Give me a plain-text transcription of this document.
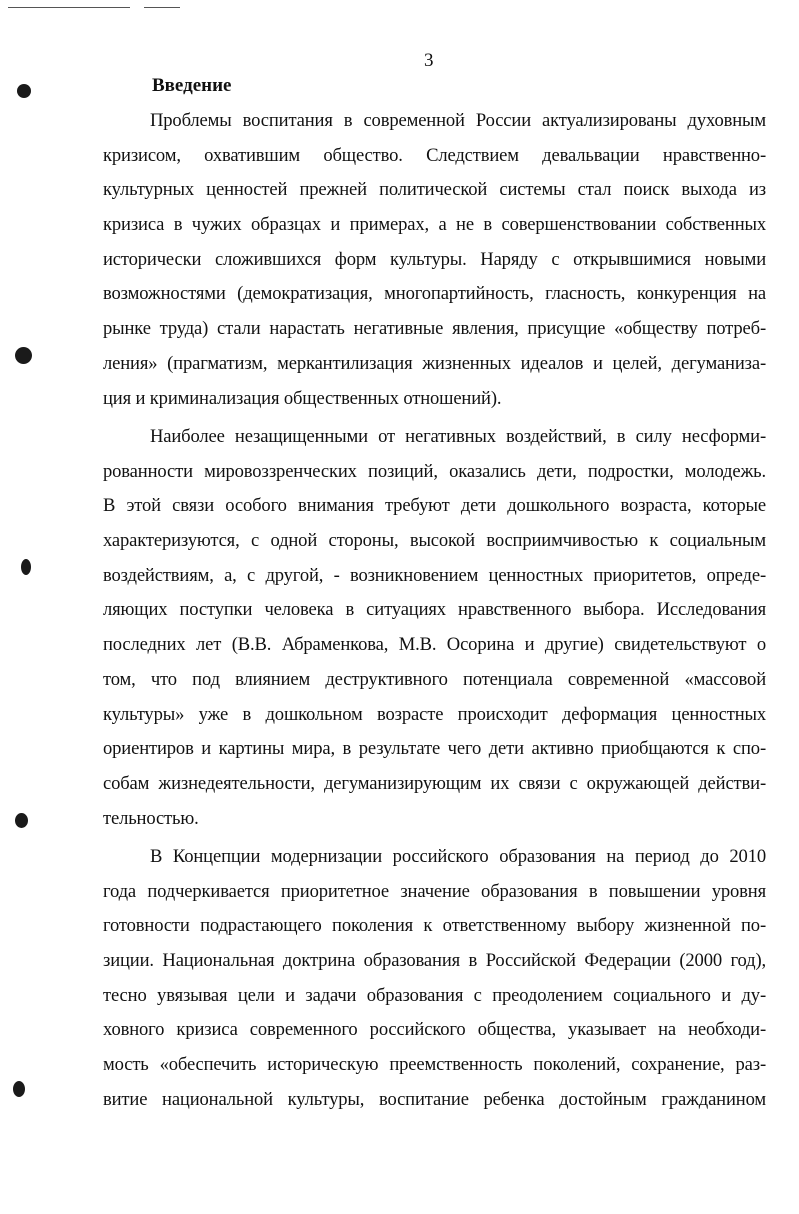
3
Введение
Проблемы воспитания в современной России актуализированы духовным
кризисом, охватившим общество. Следствием девальвации нравственно-
культурных ценностей прежней политической системы стал поиск выхода из
кризиса в чужих образцах и примерах, а не в совершенствовании собственных
исторически сложившихся форм культуры. Наряду с открывшимися новыми
возможностями (демократизация, многопартийность, гласность, конкуренция на
рынке труда) стали нарастать негативные явления, присущие «обществу потреб-
ления» (прагматизм, меркантилизация жизненных идеалов и целей, дегуманиза-
ция и криминализация общественных отношений).
Наиболее незащищенными от негативных воздействий, в силу несформи-
рованности мировоззренческих позиций, оказались дети, подростки, молодежь.
В этой связи особого внимания требуют дети дошкольного возраста, которые
характеризуются, с одной стороны, высокой восприимчивостью к социальным
воздействиям, а, с другой, - возникновением ценностных приоритетов, опреде-
ляющих поступки человека в ситуациях нравственного выбора. Исследования
последних лет (В.В. Абраменкова, М.В. Осорина и другие) свидетельствуют о
том, что под влиянием деструктивного потенциала современной «массовой
культуры» уже в дошкольном возрасте происходит деформация ценностных
ориентиров и картины мира, в результате чего дети активно приобщаются к спо-
собам жизнедеятельности, дегуманизирующим их связи с окружающей действи-
тельностью.
В Концепции модернизации российского образования на период до 2010
года подчеркивается приоритетное значение образования в повышении уровня
готовности подрастающего поколения к ответственному выбору жизненной по-
зиции. Национальная доктрина образования в Российской Федерации (2000 год),
тесно увязывая цели и задачи образования с преодолением социального и ду-
ховного кризиса современного российского общества, указывает на необходи-
мость «обеспечить историческую преемственность поколений, сохранение, раз-
витие национальной культуры, воспитание ребенка достойным гражданином
